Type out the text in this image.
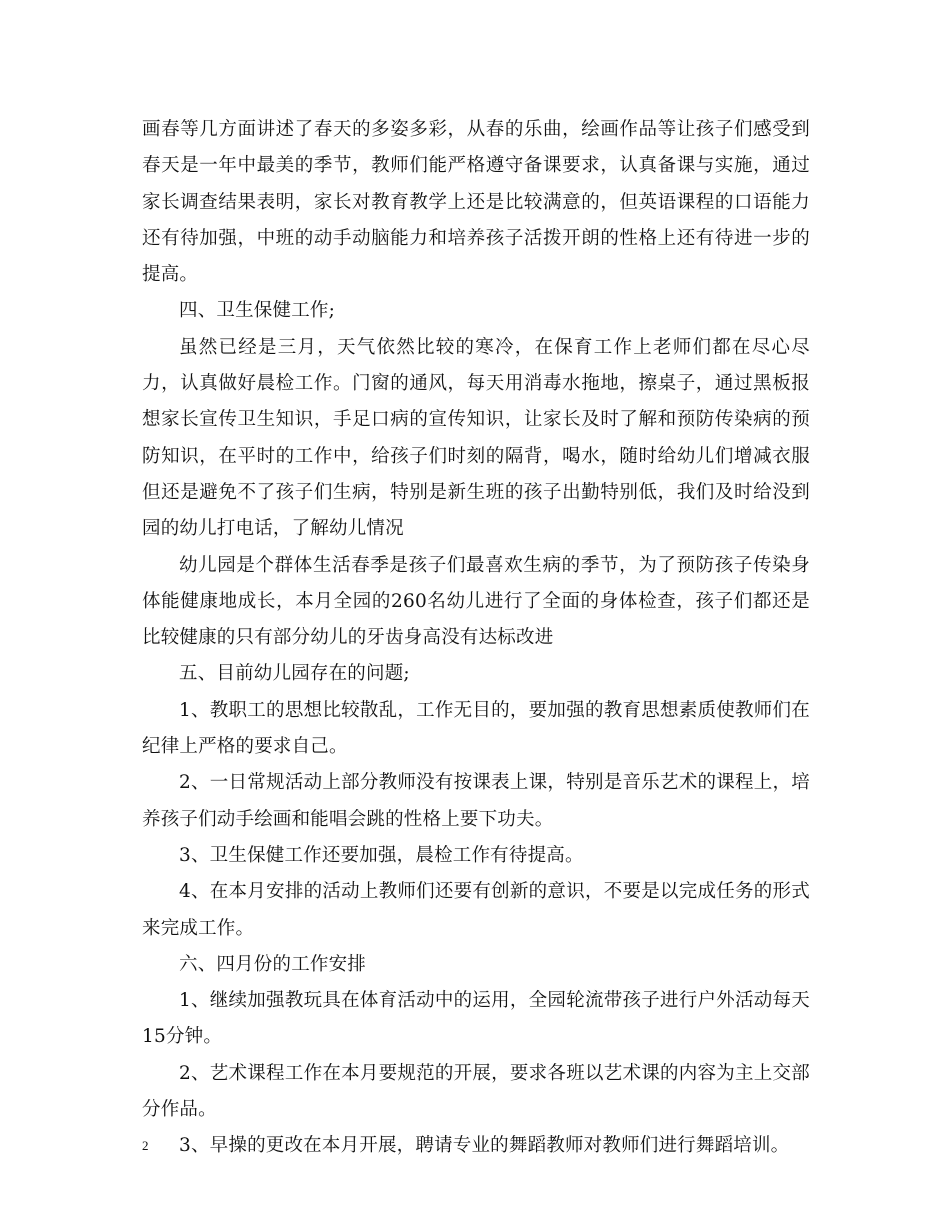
画春等几方面讲述了春天的多姿多彩，从春的乐曲，绘画作品等让孩子们感受到春天是一年中最美的季节，教师们能严格遵守备课要求，认真备课与实施，通过家长调查结果表明，家长对教育教学上还是比较满意的，但英语课程的口语能力还有待加强，中班的动手动脑能力和培养孩子活拨开朗的性格上还有待进一步的提高。

四、卫生保健工作;

虽然已经是三月，天气依然比较的寒冷，在保育工作上老师们都在尽心尽力，认真做好晨检工作。门窗的通风，每天用消毒水拖地，擦桌子，通过黑板报想家长宣传卫生知识，手足口病的宣传知识，让家长及时了解和预防传染病的预防知识，在平时的工作中，给孩子们时刻的隔背，喝水，随时给幼儿们增减衣服但还是避免不了孩子们生病，特别是新生班的孩子出勤特别低，我们及时给没到园的幼儿打电话，了解幼儿情况

幼儿园是个群体生活春季是孩子们最喜欢生病的季节，为了预防孩子传染身体能健康地成长，本月全园的260名幼儿进行了全面的身体检查，孩子们都还是比较健康的只有部分幼儿的牙齿身高没有达标改进

五、目前幼儿园存在的问题;

1、教职工的思想比较散乱，工作无目的，要加强的教育思想素质使教师们在纪律上严格的要求自己。

2、一日常规活动上部分教师没有按课表上课，特别是音乐艺术的课程上，培养孩子们动手绘画和能唱会跳的性格上要下功夫。

3、卫生保健工作还要加强，晨检工作有待提高。

4、在本月安排的活动上教师们还要有创新的意识，不要是以完成任务的形式来完成工作。

六、四月份的工作安排

1、继续加强教玩具在体育活动中的运用，全园轮流带孩子进行户外活动每天15分钟。

2、艺术课程工作在本月要规范的开展，要求各班以艺术课的内容为主上交部分作品。

3、早操的更改在本月开展，聘请专业的舞蹈教师对教师们进行舞蹈培训。

2
